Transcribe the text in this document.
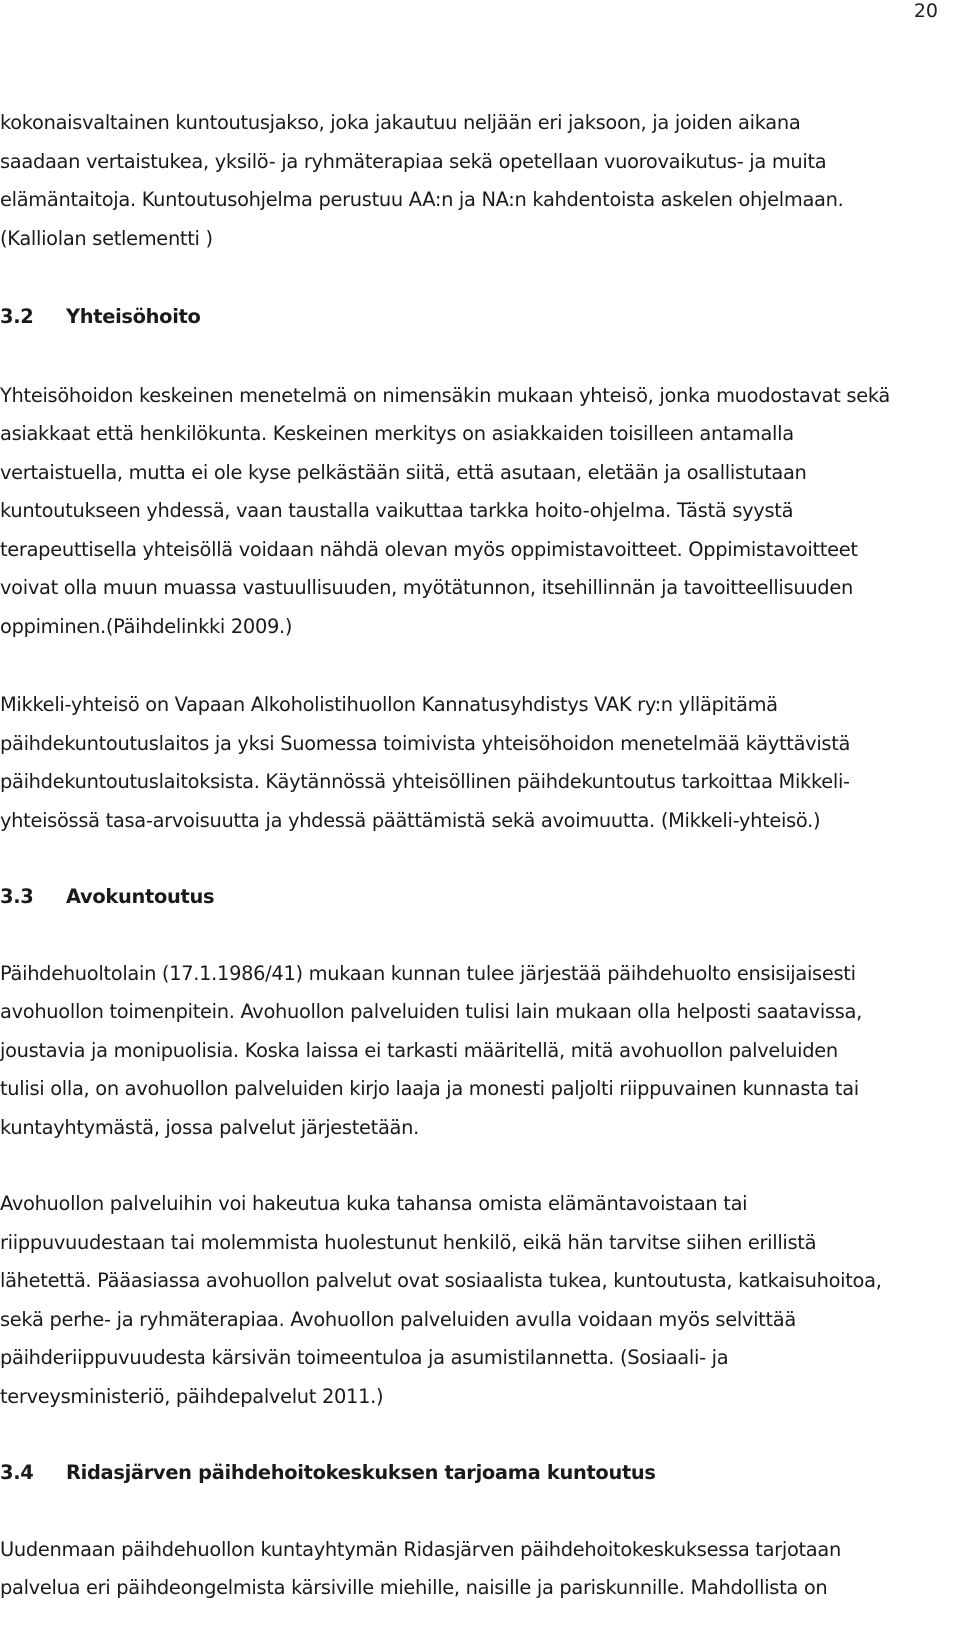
20

kokonaisvaltainen kuntoutusjakso, joka jakautuu neljään eri jaksoon, ja joiden aikana
saadaan vertaistukea, yksilö- ja ryhmäterapiaa sekä opetellaan vuorovaikutus- ja muita
elämäntaitoja. Kuntoutusohjelma perustuu AA:n ja NA:n kahdentoista askelen ohjelmaan.
(Kalliolan setlementti )

3.2 Yhteisöhoito

Yhteisöhoidon keskeinen menetelmä on nimensäkin mukaan yhteisö, jonka muodostavat sekä
asiakkaat että henkilökunta. Keskeinen merkitys on asiakkaiden toisilleen antamalla
vertaistuella, mutta ei ole kyse pelkästään siitä, että asutaan, eletään ja osallistutaan
kuntoutukseen yhdessä, vaan taustalla vaikuttaa tarkka hoito-ohjelma. Tästä syystä
terapeuttisella yhteisöllä voidaan nähdä olevan myös oppimistavoitteet. Oppimistavoitteet
voivat olla muun muassa vastuullisuuden, myötätunnon, itsehillinnän ja tavoitteellisuuden
oppiminen.(Päihdelinkki 2009.)

Mikkeli-yhteisö on Vapaan Alkoholistihuollon Kannatusyhdistys VAK ry:n ylläpitämä
päihdekuntoutuslaitos ja yksi Suomessa toimivista yhteisöhoidon menetelmää käyttävistä
päihdekuntoutuslaitoksista. Käytännössä yhteisöllinen päihdekuntoutus tarkoittaa Mikkeli-
yhteisössä tasa-arvoisuutta ja yhdessä päättämistä sekä avoimuutta. (Mikkeli-yhteisö.)

3.3 Avokuntoutus

Päihdehuoltolain (17.1.1986/41) mukaan kunnan tulee järjestää päihdehuolto ensisijaisesti
avohuollon toimenpitein. Avohuollon palveluiden tulisi lain mukaan olla helposti saatavissa,
joustavia ja monipuolisia. Koska laissa ei tarkasti määritellä, mitä avohuollon palveluiden
tulisi olla, on avohuollon palveluiden kirjo laaja ja monesti paljolti riippuvainen kunnasta tai
kuntayhtymästä, jossa palvelut järjestetään.

Avohuollon palveluihin voi hakeutua kuka tahansa omista elämäntavoistaan tai
riippuvuudestaan tai molemmista huolestunut henkilö, eikä hän tarvitse siihen erillistä
lähetettä. Pääasiassa avohuollon palvelut ovat sosiaalista tukea, kuntoutusta, katkaisuhoitoa,
sekä perhe- ja ryhmäterapiaa. Avohuollon palveluiden avulla voidaan myös selvittää
päihderiippuvuudesta kärsivän toimeentuloa ja asumistilannetta. (Sosiaali- ja
terveysministeriö, päihdepalvelut 2011.)

3.4 Ridasjärven päihdehoitokeskuksen tarjoama kuntoutus

Uudenmaan päihdehuollon kuntayhtymän Ridasjärven päihdehoitokeskuksessa tarjotaan
palvelua eri päihdeongelmista kärsiville miehille, naisille ja pariskunnille. Mahdollista on
